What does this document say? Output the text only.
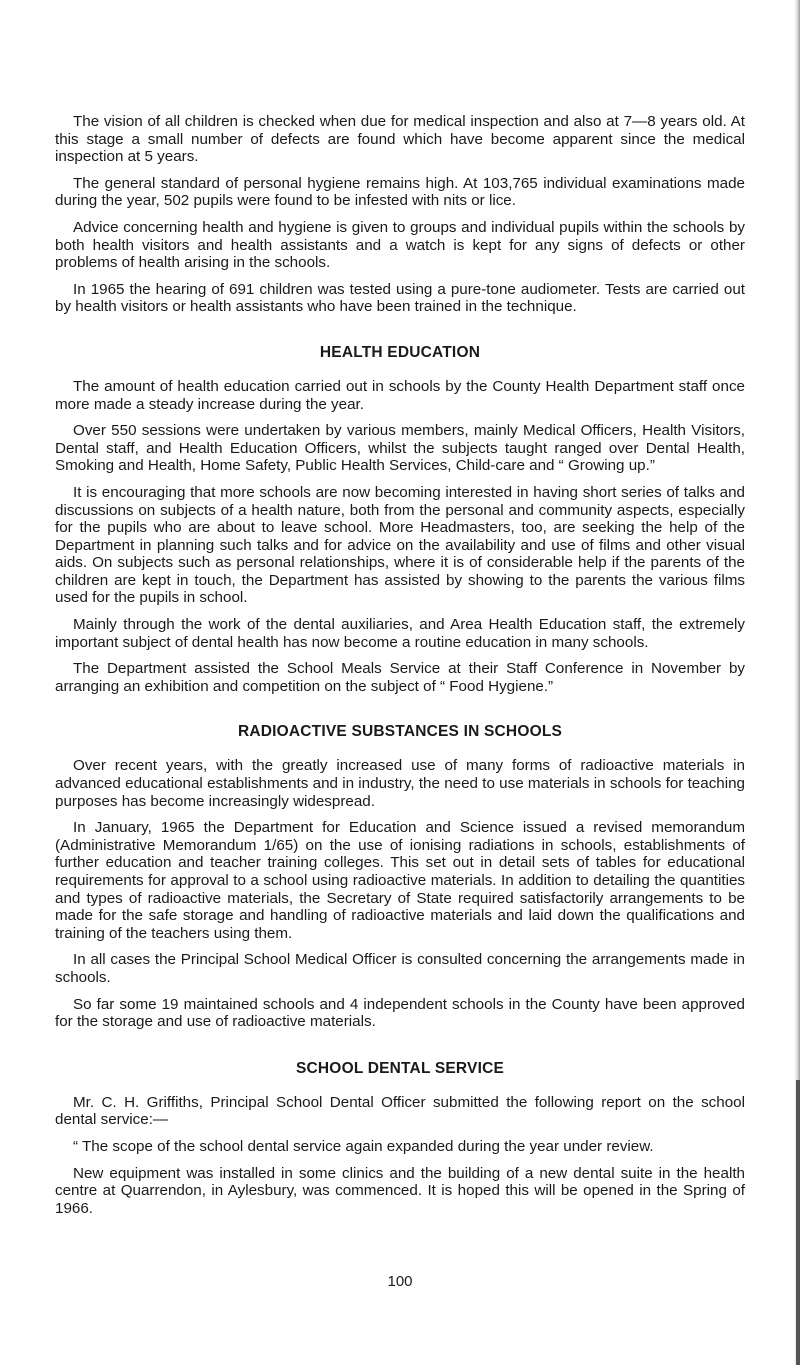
The vision of all children is checked when due for medical inspection and also at 7—8 years old. At this stage a small number of defects are found which have become apparent since the medical inspection at 5 years.

The general standard of personal hygiene remains high. At 103,765 individual examinations made during the year, 502 pupils were found to be infested with nits or lice.

Advice concerning health and hygiene is given to groups and individual pupils within the schools by both health visitors and health assistants and a watch is kept for any signs of defects or other problems of health arising in the schools.

In 1965 the hearing of 691 children was tested using a pure-tone audiometer. Tests are carried out by health visitors or health assistants who have been trained in the technique.

HEALTH EDUCATION

The amount of health education carried out in schools by the County Health Department staff once more made a steady increase during the year.

Over 550 sessions were undertaken by various members, mainly Medical Officers, Health Visitors, Dental staff, and Health Education Officers, whilst the subjects taught ranged over Dental Health, Smoking and Health, Home Safety, Public Health Services, Child-care and “ Growing up.”

It is encouraging that more schools are now becoming interested in having short series of talks and discussions on subjects of a health nature, both from the personal and community aspects, especially for the pupils who are about to leave school. More Headmasters, too, are seeking the help of the Department in planning such talks and for advice on the availability and use of films and other visual aids. On subjects such as personal relationships, where it is of considerable help if the parents of the children are kept in touch, the Department has assisted by showing to the parents the various films used for the pupils in school.

Mainly through the work of the dental auxiliaries, and Area Health Education staff, the extremely important subject of dental health has now become a routine education in many schools.

The Department assisted the School Meals Service at their Staff Conference in November by arranging an exhibition and competition on the subject of “ Food Hygiene.”

RADIOACTIVE SUBSTANCES IN SCHOOLS

Over recent years, with the greatly increased use of many forms of radioactive materials in advanced educational establishments and in industry, the need to use materials in schools for teaching purposes has become increasingly widespread.

In January, 1965 the Department for Education and Science issued a revised memorandum (Administrative Memorandum 1/65) on the use of ionising radiations in schools, establishments of further education and teacher training colleges. This set out in detail sets of tables for educational requirements for approval to a school using radioactive materials. In addition to detailing the quantities and types of radioactive materials, the Secretary of State required satisfactorily arrangements to be made for the safe storage and handling of radioactive materials and laid down the qualifications and training of the teachers using them.

In all cases the Principal School Medical Officer is consulted concerning the arrangements made in schools.

So far some 19 maintained schools and 4 independent schools in the County have been approved for the storage and use of radioactive materials.

SCHOOL DENTAL SERVICE

Mr. C. H. Griffiths, Principal School Dental Officer submitted the following report on the school dental service:—

“ The scope of the school dental service again expanded during the year under review.

New equipment was installed in some clinics and the building of a new dental suite in the health centre at Quarrendon, in Aylesbury, was commenced. It is hoped this will be opened in the Spring of 1966.

100
